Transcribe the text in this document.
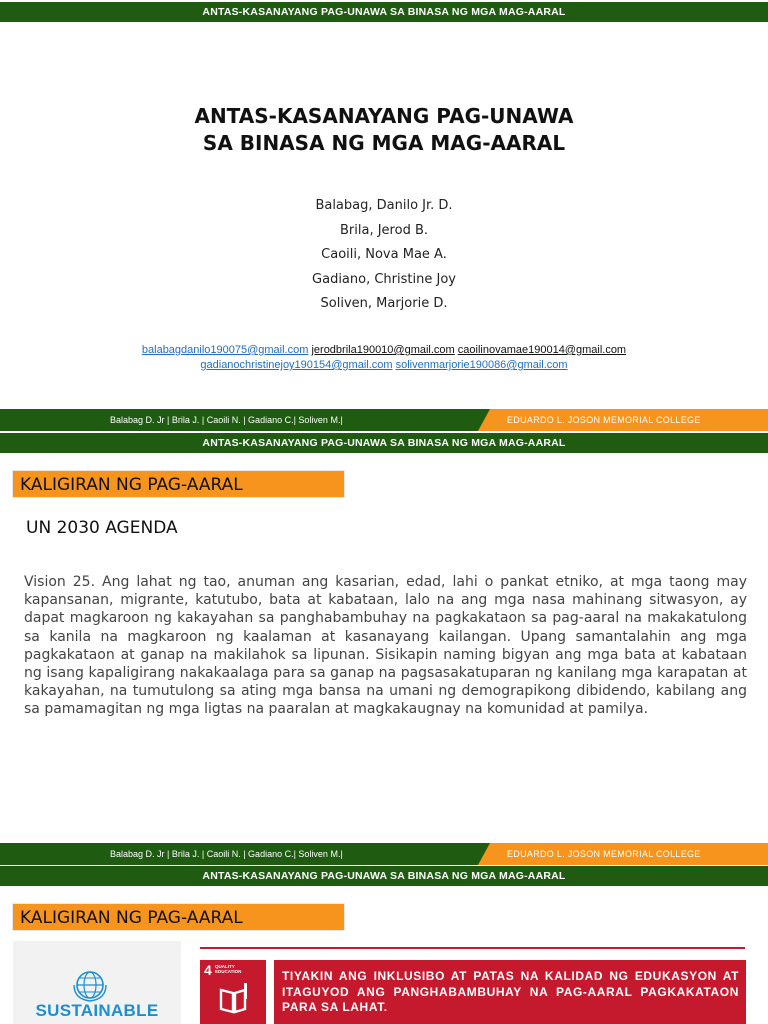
ANTAS-KASANAYANG PAG-UNAWA SA BINASA NG MGA MAG-AARAL
ANTAS-KASANAYANG PAG-UNAWA
SA BINASA NG MGA MAG-AARAL
Balabag, Danilo Jr. D.
Brila, Jerod B.
Caoili, Nova Mae A.
Gadiano, Christine Joy
Soliven, Marjorie D.
balabagdanilo190075@gmail.com jerodbrila190010@gmail.com caoilinovamae190014@gmail.com
gadianochristinejoy190154@gmail.com solivenmarjorie190086@gmail.com
Balabag D. Jr | Brila J. | Caoili N. | Gadiano C.| Soliven M.|	EDUARDO L. JOSON MEMORIAL COLLEGE
ANTAS-KASANAYANG PAG-UNAWA SA BINASA NG MGA MAG-AARAL
KALIGIRAN NG PAG-AARAL
UN 2030 AGENDA
Vision 25. Ang lahat ng tao, anuman ang kasarian, edad, lahi o pankat etniko, at mga taong may kapansanan, migrante, katutubo, bata at kabataan, lalo na ang mga nasa mahinang sitwasyon, ay dapat magkaroon ng kakayahan sa panghabambuhay na pagkakataon sa pag-aaral na makakatulong sa kanila na magkaroon ng kaalaman at kasanayang kailangan. Upang samantalahin ang mga pagkakataon at ganap na makilahok sa lipunan. Sisikapin naming bigyan ang mga bata at kabataan ng isang kapaligirang nakakaalaga para sa ganap na pagsasakatuparan ng kanilang mga karapatan at kakayahan, na tumutulong sa ating mga bansa na umani ng demograpikong dibidendo, kabilang ang sa pamamagitan ng mga ligtas na paaralan at magkakaugnay na komunidad at pamilya.
Balabag D. Jr | Brila J. | Caoili N. | Gadiano C.| Soliven M.|	EDUARDO L. JOSON MEMORIAL COLLEGE
ANTAS-KASANAYANG PAG-UNAWA SA BINASA NG MGA MAG-AARAL
KALIGIRAN NG PAG-AARAL
SUSTAINABLE
4 QUALITY
EDUCATION	TIYAKIN ANG INKLUSIBO AT PATAS NA KALIDAD NG EDUKASYON AT ITAGUYOD ANG PANGHABAMBUHAY NA PAG-AARAL PAGKAKATAON PARA SA LAHAT.
